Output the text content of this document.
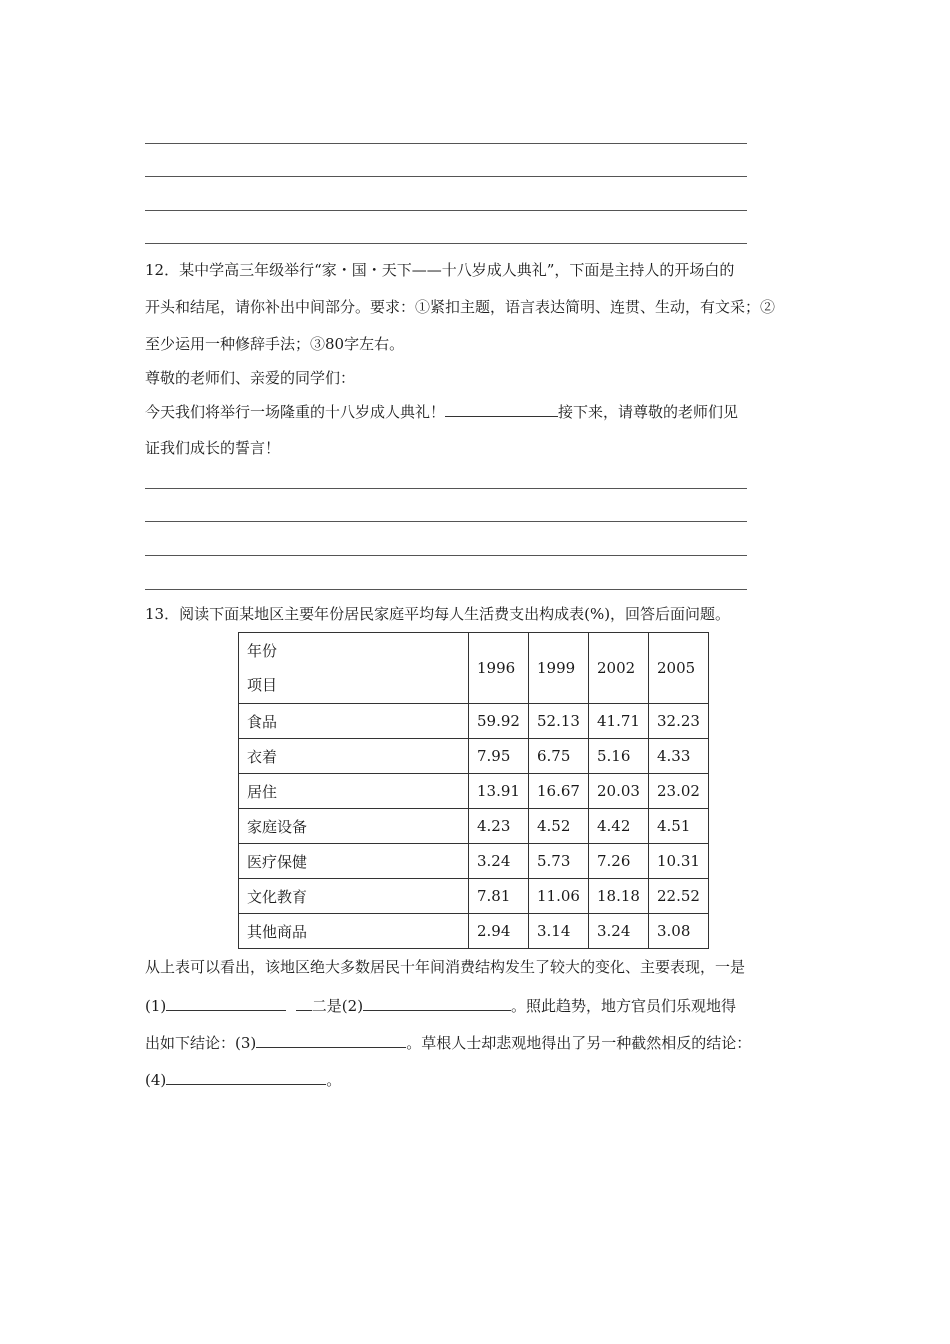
12．某中学高三年级举行“家・国・天下——十八岁成人典礼”，下面是主持人的开场白的
开头和结尾，请你补出中间部分。要求：①紧扣主题，语言表达简明、连贯、生动，有文采；②
至少运用一种修辞手法；③80字左右。
尊敬的老师们、亲爱的同学们：
今天我们将举行一场隆重的十八岁成人典礼！	接下来，请尊敬的老师们见
证我们成长的誓言！
13．阅读下面某地区主要年份居民家庭平均每人生活费支出构成表(%)，回答后面问题。
年份
项目	1996	1999	2002	2005
食品	59.92	52.13	41.71	32.23
衣着	7.95	6.75	5.16	4.33
居住	13.91	16.67	20.03	23.02
家庭设备	4.23	4.52	4.42	4.51
医疗保健	3.24	5.73	7.26	10.31
文化教育	7.81	11.06	18.18	22.52
其他商品	2.94	3.14	3.24	3.08
从上表可以看出，该地区绝大多数居民十年间消费结构发生了较大的变化、主要表现，一是
(1)	二是(2)	。照此趋势，地方官员们乐观地得
出如下结论：(3)	。草根人士却悲观地得出了另一种截然相反的结论：
(4)	。
